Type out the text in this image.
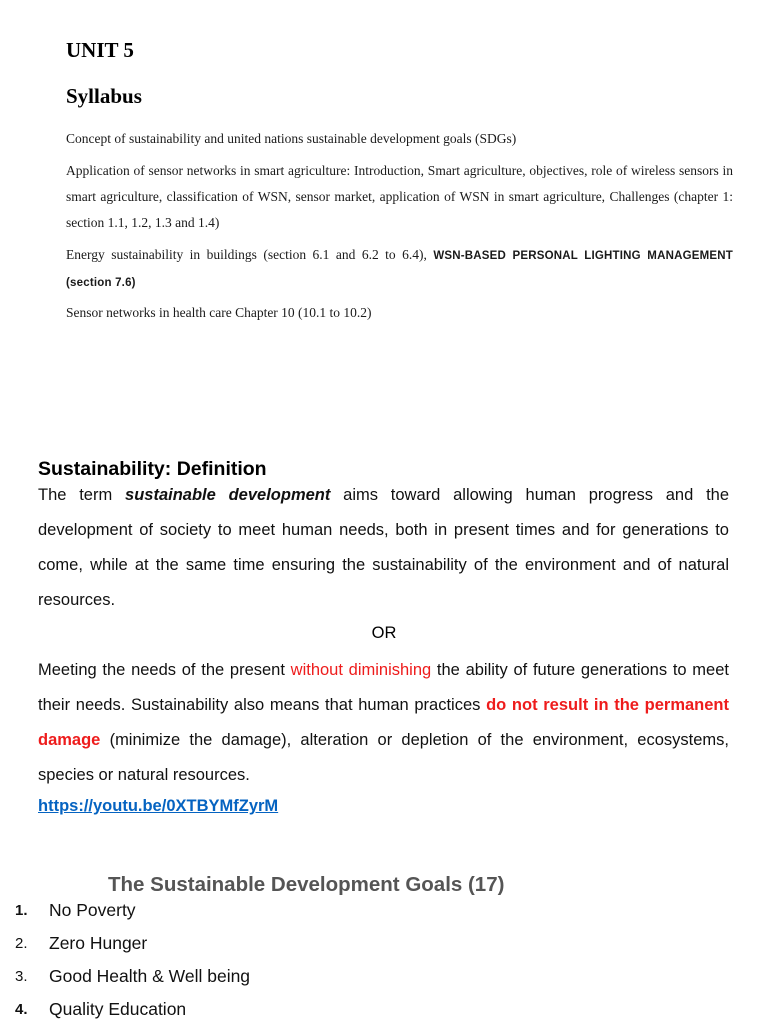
UNIT 5
Syllabus

Concept of sustainability and united nations sustainable development goals (SDGs)

Application of sensor networks in smart agriculture: Introduction, Smart agriculture, objectives, role of wireless sensors in smart agriculture, classification of WSN, sensor market, application of WSN in smart agriculture, Challenges (chapter 1: section 1.1, 1.2, 1.3 and 1.4)

Energy sustainability in buildings (section 6.1 and 6.2 to 6.4), WSN-BASED PERSONAL LIGHTING MANAGEMENT (section 7.6)

Sensor networks in health care Chapter 10 (10.1 to 10.2)

Sustainability: Definition

The term sustainable development aims toward allowing human progress and the development of society to meet human needs, both in present times and for generations to come, while at the same time ensuring the sustainability of the environment and of natural resources.

OR

Meeting the needs of the present without diminishing the ability of future generations to meet their needs. Sustainability also means that human practices do not result in the permanent damage (minimize the damage), alteration or depletion of the environment, ecosystems, species or natural resources.

https://youtu.be/0XTBYMfZyrM
The Sustainable Development Goals (17)
1.	No Poverty
2.	Zero Hunger
3.	Good Health & Well being
4.	Quality Education
